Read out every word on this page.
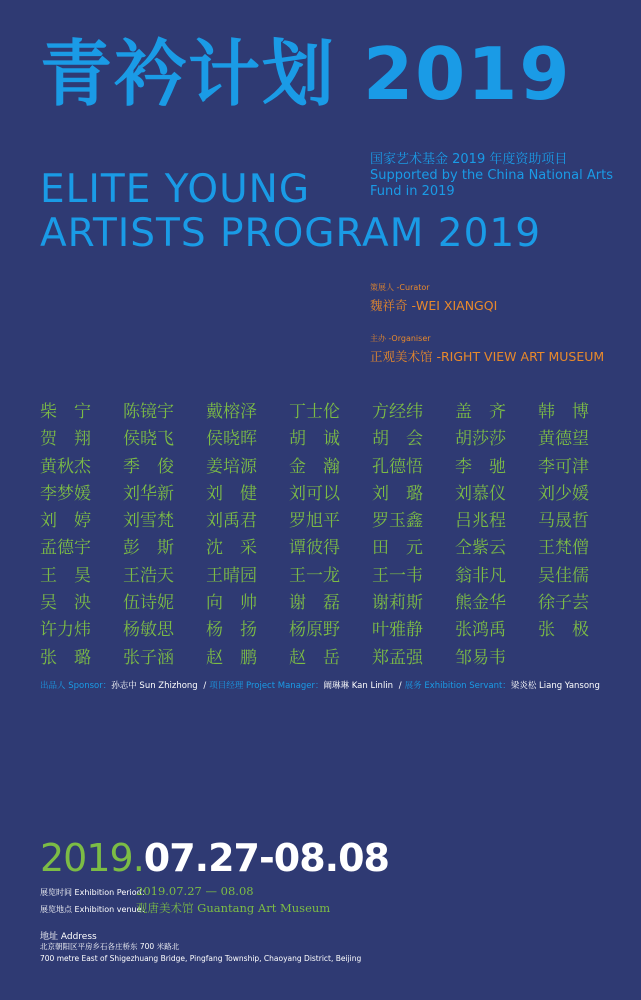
青衿计划 2019
国家艺术基金 2019 年度资助项目
Supported by the China National Arts
Fund in 2019
ELITE YOUNG
ARTISTS PROGRAM 2019
策展人 -Curator
魏祥奇 -WEI XIANGQI
主办 -Organiser
正观美术馆 -RIGHT VIEW ART MUSEUM
柴　宁	陈镜宇	戴榕泽	丁士伦	方经纬	盖　齐	韩　博
贺　翔	侯晓飞	侯晓晖	胡　诚	胡　会	胡莎莎	黄德望
黄秋杰	季　俊	姜培源	金　瀚	孔德悟	李　驰	李可津
李梦媛	刘华新	刘　健	刘可以	刘　璐	刘慕仪	刘少媛
刘　婷	刘雪梵	刘禹君	罗旭平	罗玉鑫	吕兆程	马晟哲
孟德宇	彭　斯	沈　采	谭彼得	田　元	仝紫云	王梵僧
王　昊	王浩天	王晴园	王一龙	王一韦	翁非凡	吴佳儒
吴　泱	伍诗妮	向　帅	谢　磊	谢莉斯	熊金华	徐子芸
许力炜	杨敏思	杨　扬	杨原野	叶雅静	张鸿禹	张　极
张　璐	张子涵	赵　鹏	赵　岳	郑孟强	邹易韦
出品人 Sponsor：孙志中 Sun Zhizhong / 项目经理 Project Manager：阚琳琳 Kan Linlin / 展务 Exhibition Servant：梁炎松 Liang Yansong
2019.07.27-08.08
展览时间 Exhibition Period：2019.07.27 — 08.08
展览地点 Exhibition venue：观唐美术馆 Guantang Art Museum
地址 Address
北京朝阳区平房乡石各庄桥东 700 米路北
700 metre East of Shigezhuang Bridge, Pingfang Township, Chaoyang District, Beijing
